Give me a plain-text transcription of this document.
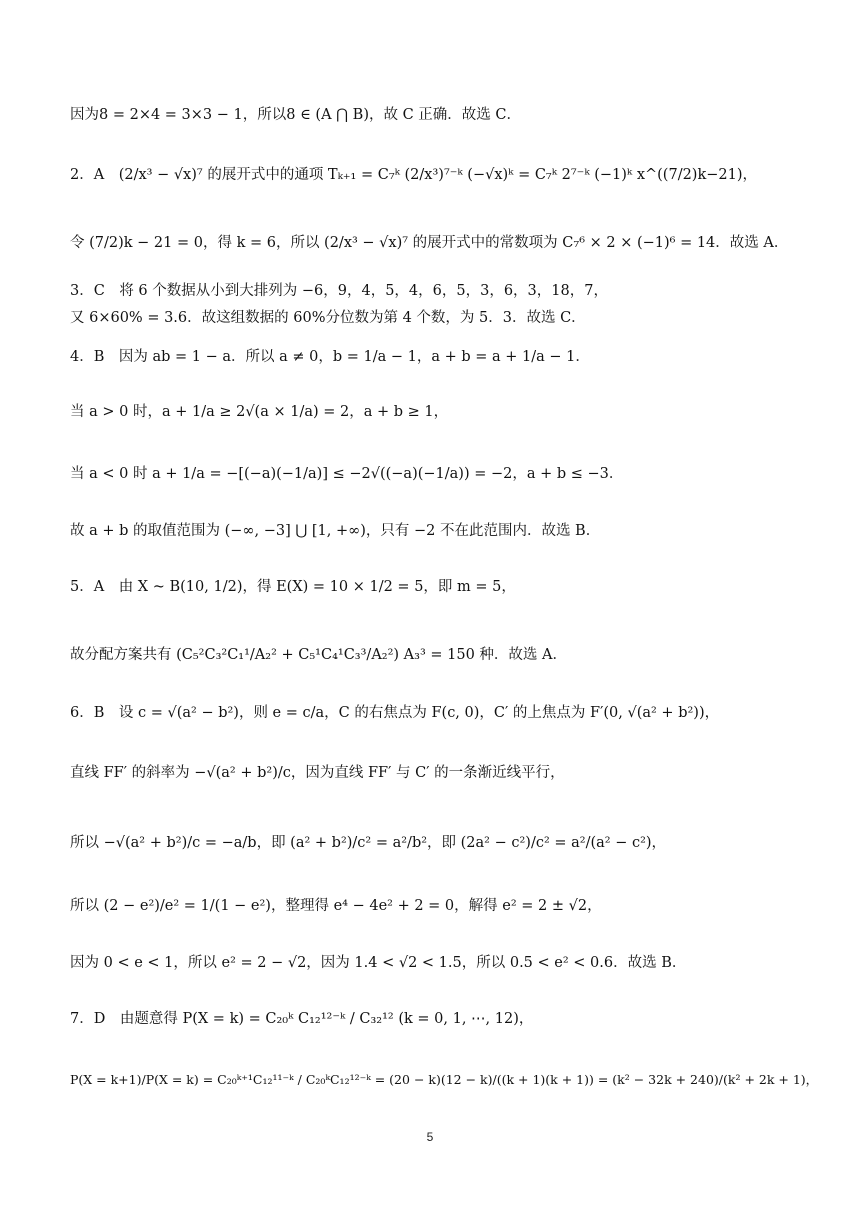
因为8 = 2×4 = 3×3 − 1，所以8 ∈ (A ⋂ B)，故 C 正确．故选 C．
2．A　(2/x³ − √x)⁷ 的展开式中的通项 Tₖ₊₁ = C₇ᵏ (2/x³)⁷⁻ᵏ (−√x)ᵏ = C₇ᵏ 2⁷⁻ᵏ (−1)ᵏ x^((7/2)k−21)，
令 (7/2)k − 21 = 0，得 k = 6，所以 (2/x³ − √x)⁷ 的展开式中的常数项为 C₇⁶ × 2 × (−1)⁶ = 14．故选 A．
3．C　将 6 个数据从小到大排列为 −6，9，4，5，4，6，5，3，6，3，18，7，
又 6×60% = 3.6．故这组数据的 60%分位数为第 4 个数，为 5．3．故选 C．
4．B　因为 ab = 1 − a．所以 a ≠ 0，b = 1/a − 1，a + b = a + 1/a − 1．
当 a > 0 时，a + 1/a ≥ 2√(a × 1/a) = 2，a + b ≥ 1，
当 a < 0 时 a + 1/a = −[(−a)(−1/a)] ≤ −2√((−a)(−1/a)) = −2，a + b ≤ −3．
故 a + b 的取值范围为 (−∞, −3] ⋃ [1, +∞)，只有 −2 不在此范围内．故选 B．
5．A　由 X ~ B(10, 1/2)，得 E(X) = 10 × 1/2 = 5，即 m = 5，
故分配方案共有 (C₅²C₃²C₁¹/A₂² + C₅¹C₄¹C₃³/A₂²) A₃³ = 150 种．故选 A．
6．B　设 c = √(a² − b²)，则 e = c/a，C 的右焦点为 F(c, 0)，C′ 的上焦点为 F′(0, √(a² + b²))，
直线 FF′ 的斜率为 −√(a² + b²)/c，因为直线 FF′ 与 C′ 的一条渐近线平行，
所以 −√(a² + b²)/c = −a/b，即 (a² + b²)/c² = a²/b²，即 (2a² − c²)/c² = a²/(a² − c²)，
所以 (2 − e²)/e² = 1/(1 − e²)，整理得 e⁴ − 4e² + 2 = 0，解得 e² = 2 ± √2，
因为 0 < e < 1，所以 e² = 2 − √2，因为 1.4 < √2 < 1.5，所以 0.5 < e² < 0.6．故选 B．
7．D　由题意得 P(X = k) = C₂₀ᵏ C₁₂¹²⁻ᵏ / C₃₂¹² (k = 0, 1, ⋯, 12)，
P(X = k+1)/P(X = k) = C₂₀ᵏ⁺¹C₁₂¹¹⁻ᵏ / C₂₀ᵏC₁₂¹²⁻ᵏ = (20 − k)(12 − k)/((k + 1)(k + 1)) = (k² − 32k + 240)/(k² + 2k + 1)，
5
